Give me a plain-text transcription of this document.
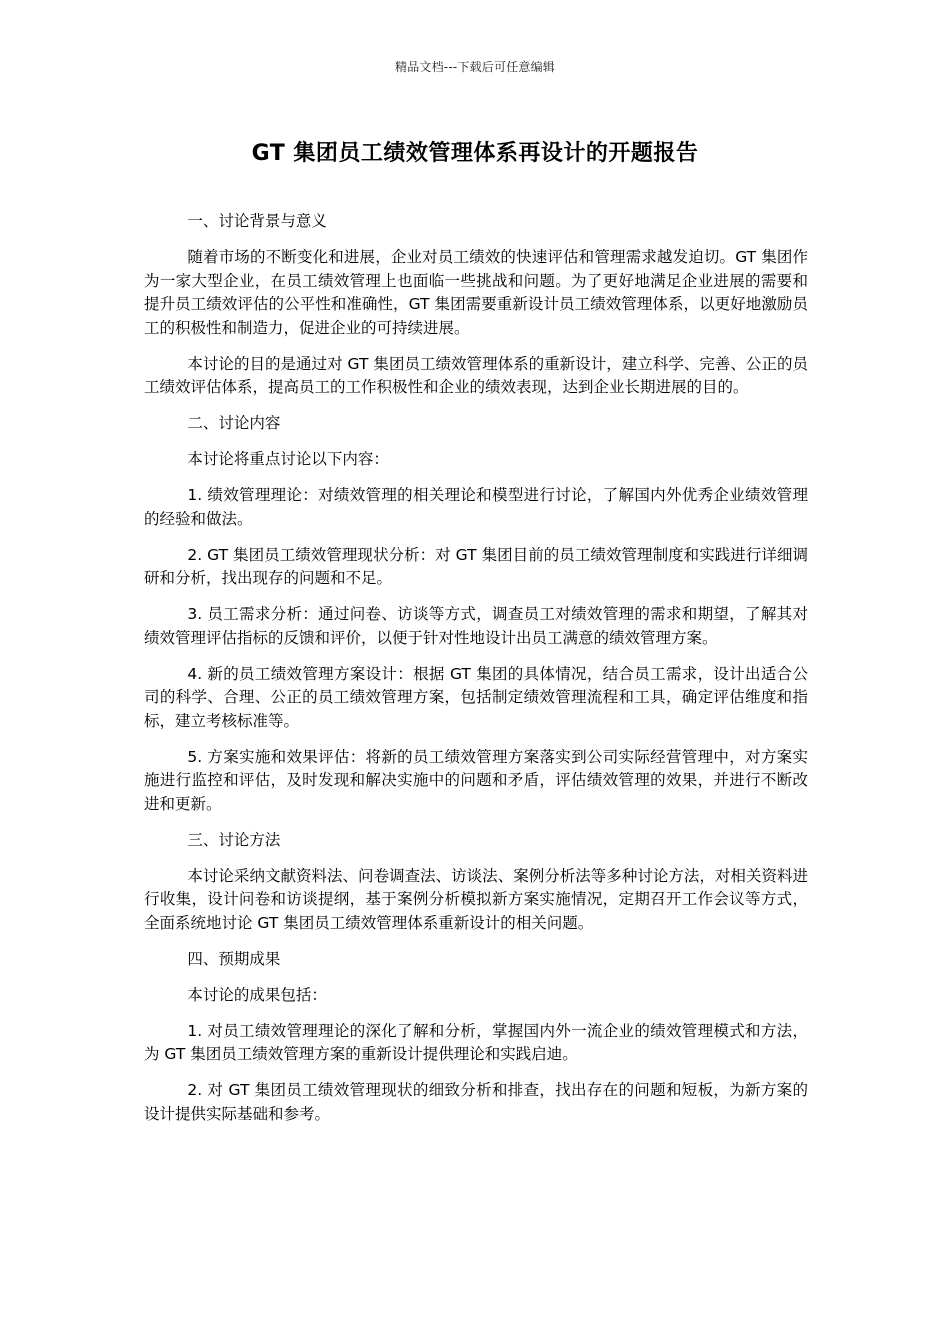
精品文档---下载后可任意编辑
GT 集团员工绩效管理体系再设计的开题报告

一、讨论背景与意义

随着市场的不断变化和进展，企业对员工绩效的快速评估和管理需求越发迫切。GT 集团作为一家大型企业，在员工绩效管理上也面临一些挑战和问题。为了更好地满足企业进展的需要和提升员工绩效评估的公平性和准确性，GT 集团需要重新设计员工绩效管理体系，以更好地激励员工的积极性和制造力，促进企业的可持续进展。

本讨论的目的是通过对 GT 集团员工绩效管理体系的重新设计，建立科学、完善、公正的员工绩效评估体系，提高员工的工作积极性和企业的绩效表现，达到企业长期进展的目的。

二、讨论内容

本讨论将重点讨论以下内容：

1. 绩效管理理论：对绩效管理的相关理论和模型进行讨论，了解国内外优秀企业绩效管理的经验和做法。

2. GT 集团员工绩效管理现状分析：对 GT 集团目前的员工绩效管理制度和实践进行详细调研和分析，找出现存的问题和不足。

3. 员工需求分析：通过问卷、访谈等方式，调查员工对绩效管理的需求和期望，了解其对绩效管理评估指标的反馈和评价，以便于针对性地设计出员工满意的绩效管理方案。

4. 新的员工绩效管理方案设计：根据 GT 集团的具体情况，结合员工需求，设计出适合公司的科学、合理、公正的员工绩效管理方案，包括制定绩效管理流程和工具，确定评估维度和指标，建立考核标准等。

5. 方案实施和效果评估：将新的员工绩效管理方案落实到公司实际经营管理中，对方案实施进行监控和评估，及时发现和解决实施中的问题和矛盾，评估绩效管理的效果，并进行不断改进和更新。

三、讨论方法

本讨论采纳文献资料法、问卷调查法、访谈法、案例分析法等多种讨论方法，对相关资料进行收集，设计问卷和访谈提纲，基于案例分析模拟新方案实施情况，定期召开工作会议等方式，全面系统地讨论 GT 集团员工绩效管理体系重新设计的相关问题。

四、预期成果

本讨论的成果包括：

1. 对员工绩效管理理论的深化了解和分析，掌握国内外一流企业的绩效管理模式和方法，为 GT 集团员工绩效管理方案的重新设计提供理论和实践启迪。

2. 对 GT 集团员工绩效管理现状的细致分析和排查，找出存在的问题和短板，为新方案的设计提供实际基础和参考。
